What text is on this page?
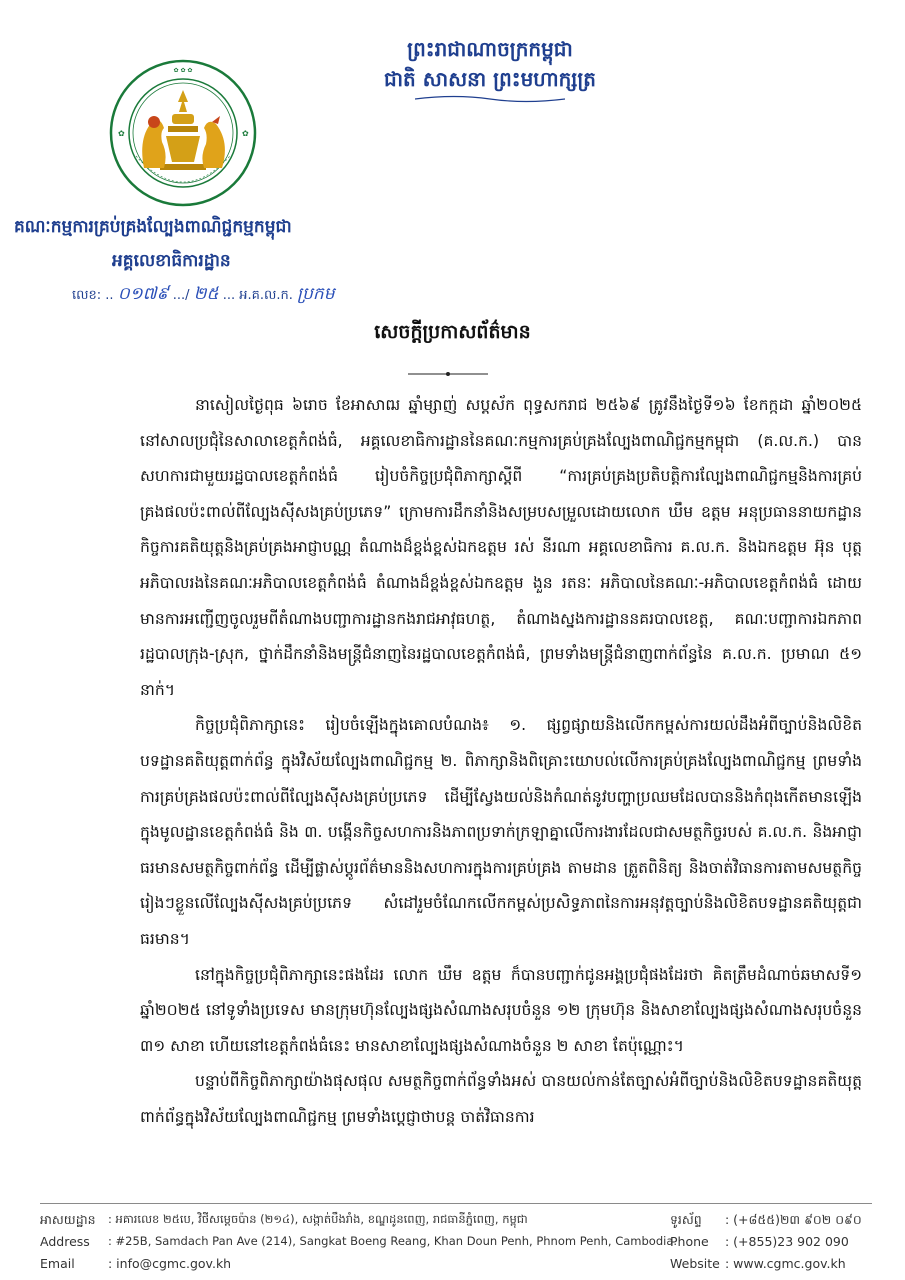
✿ ✿ ✿
✿	✿
ព្រះរាជាណាចក្រកម្ពុជា
ជាតិ សាសនា ព្រះមហាក្សត្រ
គណៈកម្មការគ្រប់គ្រងល្បែងពាណិជ្ជកម្មកម្ពុជា
អគ្គលេខាធិការដ្ឋាន
លេខ: .. ០១៧៩ .../ ២៥ ... អ.គ.ល.ក. ប្រកម
សេចក្តីប្រកាសព័ត៌មាន

នាសៀលថ្ងៃពុធ ៦រោច ខែអាសាឍ ឆ្នាំម្សាញ់ សប្តស័ក ពុទ្ធសករាជ ២៥៦៩ ត្រូវនឹងថ្ងៃទី១៦ ខែកក្កដា ឆ្នាំ២០២៥ នៅសាលប្រជុំនៃសាលាខេត្តកំពង់ធំ, អគ្គលេខាធិការដ្ឋាននៃគណៈកម្មការគ្រប់គ្រងល្បែងពាណិជ្ជកម្មកម្ពុជា (គ.ល.ក.) បានសហការជាមួយរដ្ឋបាលខេត្តកំពង់ធំ រៀបចំកិច្ចប្រជុំពិភាក្សាស្តីពី “ការគ្រប់គ្រងប្រតិបត្តិការល្បែងពាណិជ្ជកម្មនិងការគ្រប់គ្រងផលប៉ះពាល់ពីល្បែងស៊ីសងគ្រប់ប្រភេទ” ក្រោមការដឹកនាំនិងសម្របសម្រួលដោយលោក ឃឹម ឧត្តម អនុប្រធាននាយកដ្ឋានកិច្ចការគតិយុត្តនិងគ្រប់គ្រងអាជ្ញាបណ្ណ តំណាងដ៏ខ្ពង់ខ្ពស់ឯកឧត្តម រស់ នីរណា អគ្គលេខាធិការ គ.ល.ក. និងឯកឧត្តម អ៊ុន បុត្ត អភិបាលរងនៃគណៈអភិបាលខេត្តកំពង់ធំ តំណាងដ៏ខ្ពង់ខ្ពស់ឯកឧត្តម ងួន រតនៈ អភិបាលនៃគណៈ-អភិបាលខេត្តកំពង់ធំ ដោយមានការអញ្ជើញចូលរួមពីតំណាងបញ្ជាការដ្ឋានកងរាជអាវុធហត្ថ, តំណាងស្នងការដ្ឋាននគរបាលខេត្ត, គណៈបញ្ជាការឯកភាពរដ្ឋបាលក្រុង-ស្រុក, ថ្នាក់ដឹកនាំនិងមន្ត្រីជំនាញនៃរដ្ឋបាលខេត្តកំពង់ធំ, ព្រមទាំងមន្ត្រីជំនាញពាក់ព័ន្ធនៃ គ.ល.ក. ប្រមាណ ៥១ នាក់។

កិច្ចប្រជុំពិភាក្សានេះ រៀបចំឡើងក្នុងគោលបំណង៖ ១. ផ្សព្វផ្សាយនិងលើកកម្ពស់ការយល់ដឹងអំពីច្បាប់និងលិខិតបទដ្ឋានគតិយុត្តពាក់ព័ន្ធ ក្នុងវិស័យល្បែងពាណិជ្ជកម្ម ២. ពិភាក្សានិងពិគ្រោះយោបល់លើការគ្រប់គ្រងល្បែងពាណិជ្ជកម្ម ព្រមទាំងការគ្រប់គ្រងផលប៉ះពាល់ពីល្បែងស៊ីសងគ្រប់ប្រភេទ ដើម្បីស្វែងយល់និងកំណត់នូវបញ្ហាប្រឈមដែលបាននិងកំពុងកើតមានឡើងក្នុងមូលដ្ឋានខេត្តកំពង់ធំ និង ៣. បង្កើនកិច្ចសហការនិងភាពប្រទាក់ក្រឡាគ្នាលើការងារដែលជាសមត្ថកិច្ចរបស់ គ.ល.ក. និងអាជ្ញាធរមានសមត្ថកិច្ចពាក់ព័ន្ធ ដើម្បីផ្លាស់ប្តូរព័ត៌មាននិងសហការក្នុងការគ្រប់គ្រង តាមដាន ត្រួតពិនិត្យ និងចាត់វិធានការតាមសមត្ថកិច្ចរៀងៗខ្លួនលើល្បែងស៊ីសងគ្រប់ប្រភេទ សំដៅរួមចំណែកលើកកម្ពស់ប្រសិទ្ធភាពនៃការអនុវត្តច្បាប់និងលិខិតបទដ្ឋានគតិយុត្តជាធរមាន។

នៅក្នុងកិច្ចប្រជុំពិភាក្សានេះផងដែរ លោក ឃឹម ឧត្តម ក៏បានបញ្ជាក់ជូនអង្គប្រជុំផងដែរថា គិតត្រឹមដំណាច់ឆមាសទី១ ឆ្នាំ២០២៥ នៅទូទាំងប្រទេស មានក្រុមហ៊ុនល្បែងផ្សងសំណាងសរុបចំនួន ១២ ក្រុមហ៊ុន និងសាខាល្បែងផ្សងសំណាងសរុបចំនួន ៣១ សាខា ហើយនៅខេត្តកំពង់ធំនេះ មានសាខាល្បែងផ្សងសំណាងចំនួន ២ សាខា តែប៉ុណ្ណោះ។

បន្ទាប់ពីកិច្ចពិភាក្សាយ៉ាងផុសផុល សមត្ថកិច្ចពាក់ព័ន្ធទាំងអស់ បានយល់កាន់តែច្បាស់អំពីច្បាប់និងលិខិតបទដ្ឋានគតិយុត្តពាក់ព័ន្ធក្នុងវិស័យល្បែងពាណិជ្ជកម្ម ព្រមទាំងប្តេជ្ញាថាបន្ត ចាត់វិធានការ

អាសយដ្ឋាន : អគារលេខ ២៥បេ, វិថីសម្តេចប៉ាន (២១៤), សង្កាត់បឹងរាំង, ខណ្ឌដូនពេញ, រាជធានីភ្នំពេញ, កម្ពុជា	ទូរស័ព្ទ : (+៨៥៥)២៣ ៩០២ ០៩០
Address : #25B, Samdach Pan Ave (214), Sangkat Boeng Reang, Khan Doun Penh, Phnom Penh, Cambodia.
Phone : (+855)23 902 090
Email	: info@cgmc.gov.kh	Website : www.cgmc.gov.kh
